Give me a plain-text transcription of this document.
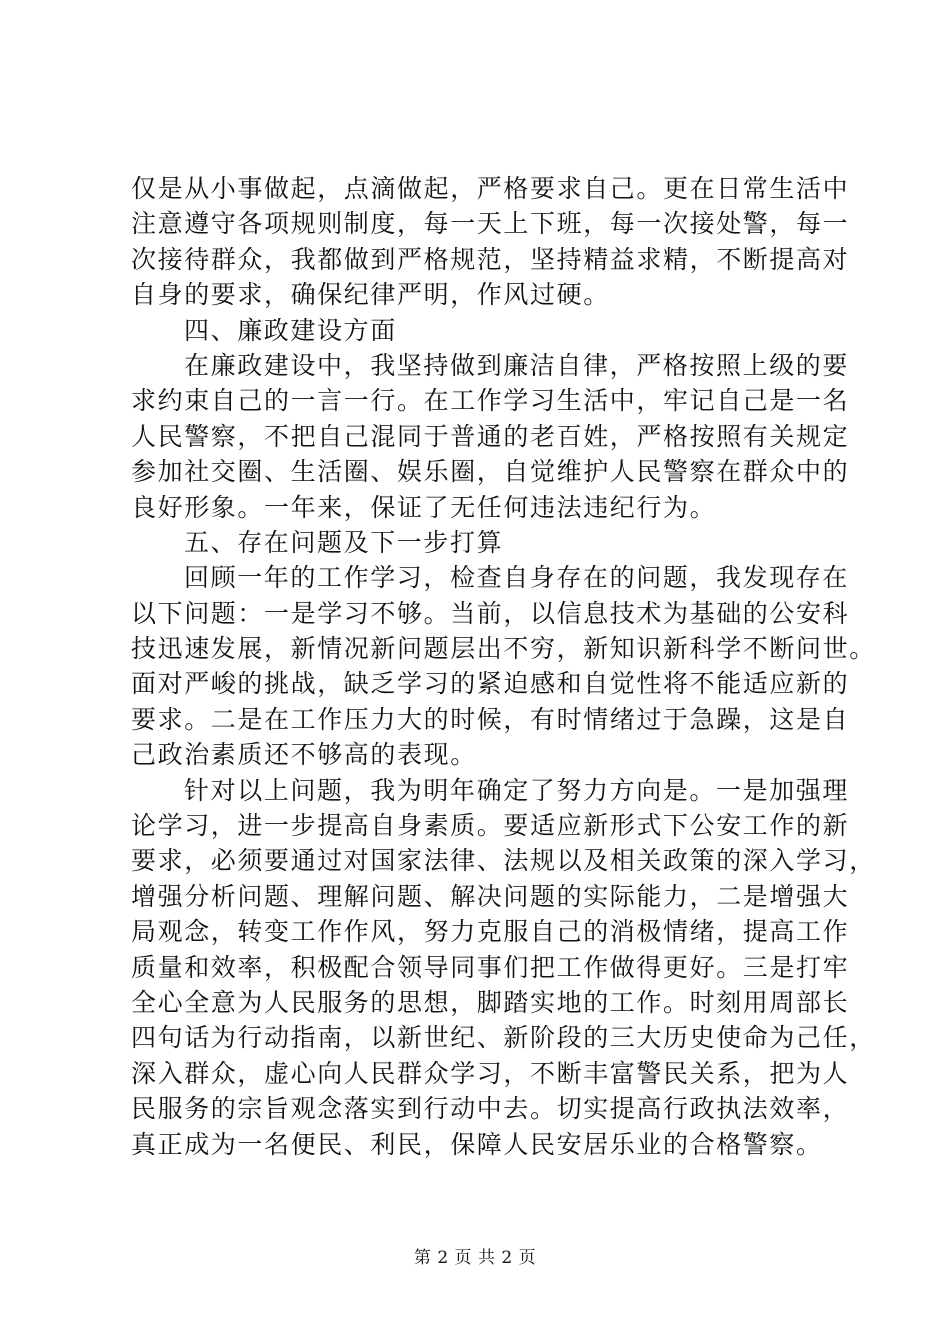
仅是从小事做起，点滴做起，严格要求自己。更在日常生活中
注意遵守各项规则制度，每一天上下班，每一次接处警，每一
次接待群众，我都做到严格规范，坚持精益求精，不断提高对
自身的要求，确保纪律严明，作风过硬。
四、廉政建设方面
在廉政建设中，我坚持做到廉洁自律，严格按照上级的要
求约束自己的一言一行。在工作学习生活中，牢记自己是一名
人民警察，不把自己混同于普通的老百姓，严格按照有关规定
参加社交圈、生活圈、娱乐圈，自觉维护人民警察在群众中的
良好形象。一年来，保证了无任何违法违纪行为。
五、存在问题及下一步打算
回顾一年的工作学习，检查自身存在的问题，我发现存在
以下问题：一是学习不够。当前，以信息技术为基础的公安科
技迅速发展，新情况新问题层出不穷，新知识新科学不断问世。
面对严峻的挑战，缺乏学习的紧迫感和自觉性将不能适应新的
要求。二是在工作压力大的时候，有时情绪过于急躁，这是自
己政治素质还不够高的表现。
针对以上问题，我为明年确定了努力方向是。一是加强理
论学习，进一步提高自身素质。要适应新形式下公安工作的新
要求，必须要通过对国家法律、法规以及相关政策的深入学习，
增强分析问题、理解问题、解决问题的实际能力，二是增强大
局观念，转变工作作风，努力克服自己的消极情绪，提高工作
质量和效率，积极配合领导同事们把工作做得更好。三是打牢
全心全意为人民服务的思想，脚踏实地的工作。时刻用周部长
四句话为行动指南，以新世纪、新阶段的三大历史使命为己任，
深入群众，虚心向人民群众学习，不断丰富警民关系，把为人
民服务的宗旨观念落实到行动中去。切实提高行政执法效率，
真正成为一名便民、利民，保障人民安居乐业的合格警察。
第 2 页 共 2 页
